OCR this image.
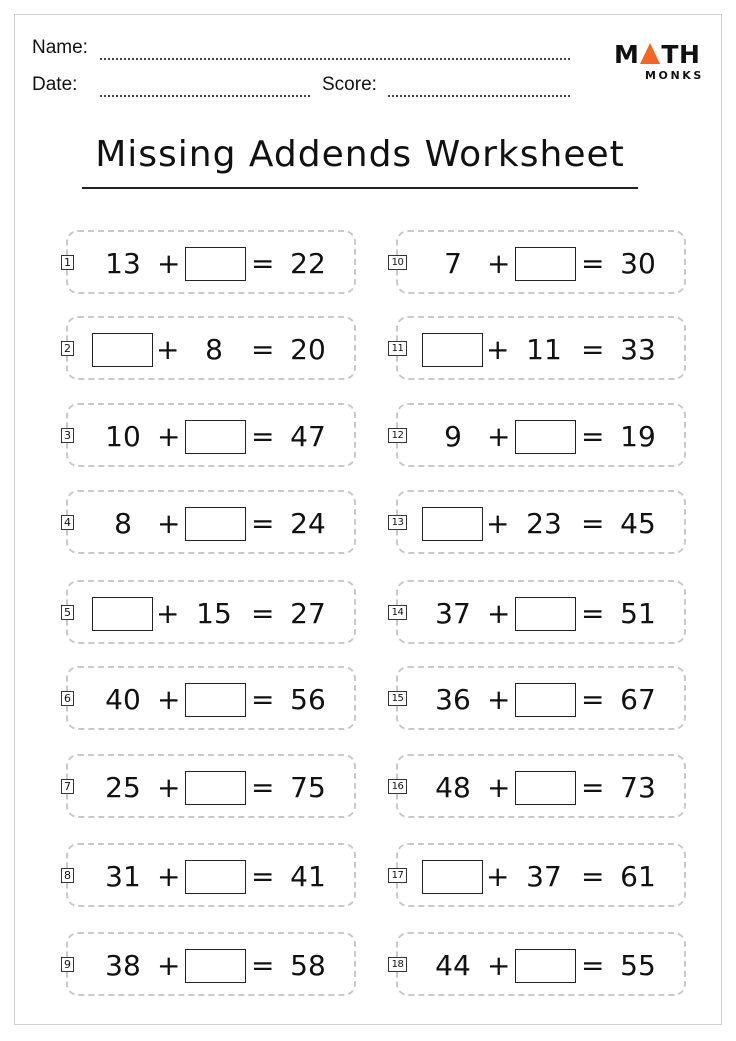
Name:
Date:	Score:
M TH
MONKS
Missing Addends Worksheet
1 13 +	= 22
2	+ 8	= 20
3 10 +	= 47
4	8 +	= 24
5	+ 15 = 27
6 40 +	= 56
7 25 +	= 75
8 31 +	= 41
9 38 +	= 58
10	7 +	= 30
11	+ 11 = 33
12	9 +	= 19
13	+ 23 = 45
14 37 +	= 51
15 36 +	= 67
16 48 +	= 73
17	+ 37 = 61
18 44 +	= 55
